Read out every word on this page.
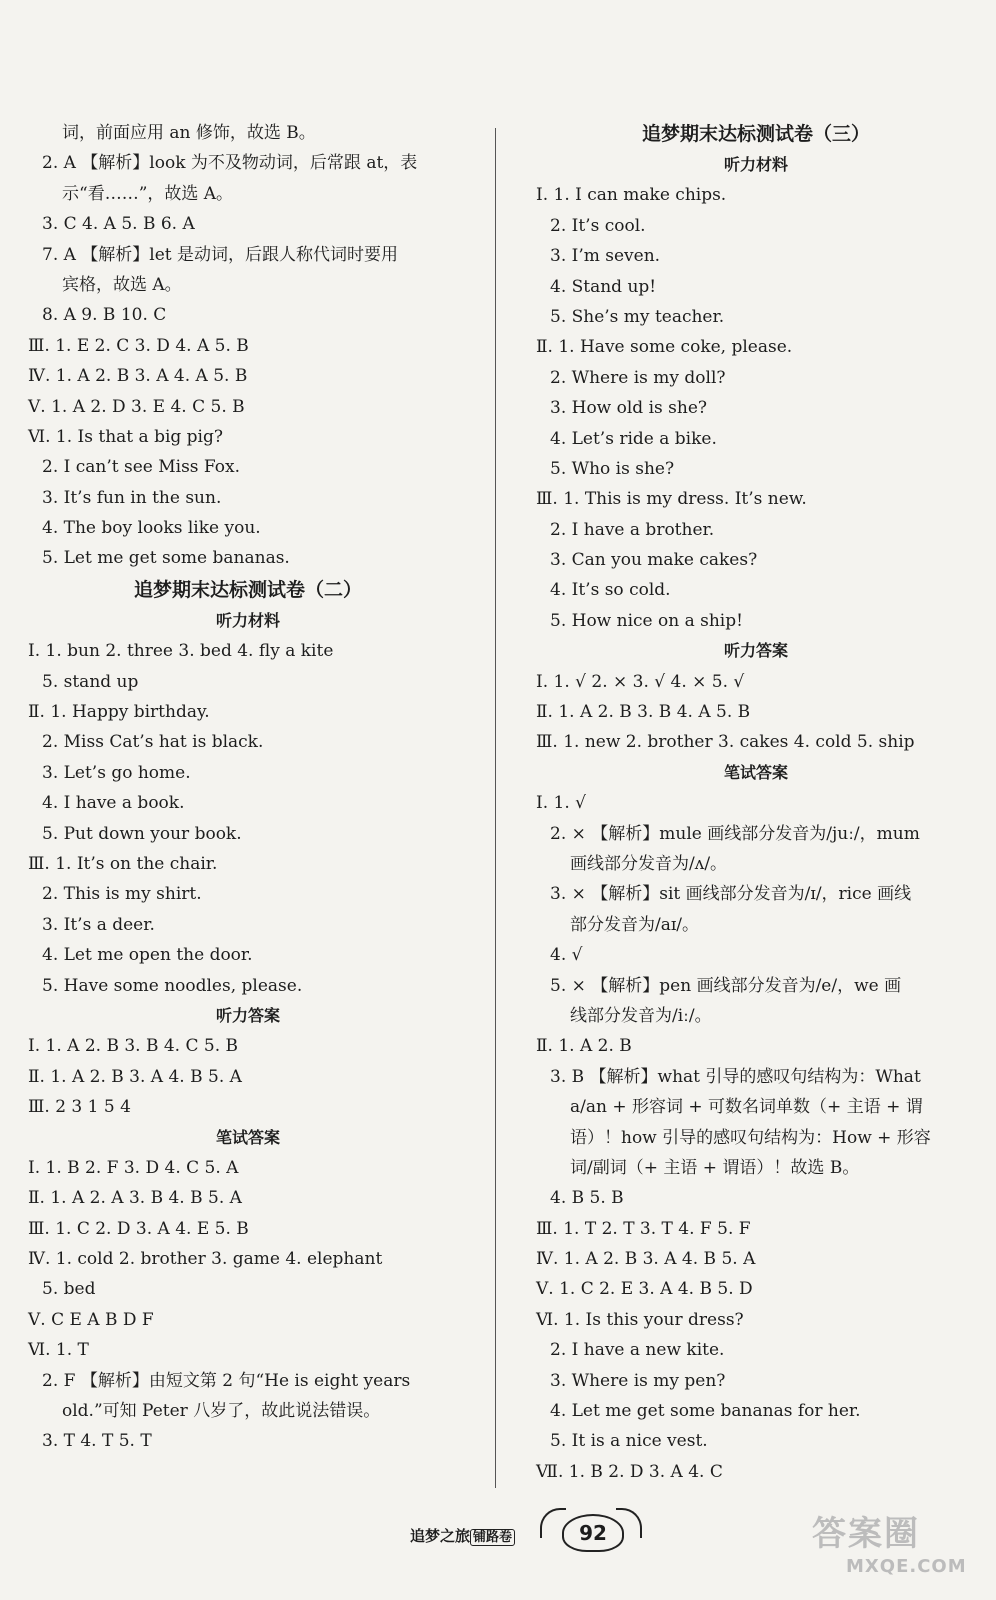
词，前面应用 an 修饰，故选 B。
2. A 【解析】look 为不及物动词，后常跟 at，表
示“看……”，故选 A。
3. C 4. A 5. B 6. A
7. A 【解析】let 是动词，后跟人称代词时要用
宾格，故选 A。
8. A 9. B 10. C
Ⅲ. 1. E 2. C 3. D 4. A 5. B
Ⅳ. 1. A 2. B 3. A 4. A 5. B
Ⅴ. 1. A 2. D 3. E 4. C 5. B
Ⅵ. 1. Is that a big pig?
2. I can’t see Miss Fox.
3. It’s fun in the sun.
4. The boy looks like you.
5. Let me get some bananas.
追梦期末达标测试卷（二）
听力材料
Ⅰ. 1. bun 2. three 3. bed 4. fly a kite
5. stand up
Ⅱ. 1. Happy birthday.
2. Miss Cat’s hat is black.
3. Let’s go home.
4. I have a book.
5. Put down your book.
Ⅲ. 1. It’s on the chair.
2. This is my shirt.
3. It’s a deer.
4. Let me open the door.
5. Have some noodles, please.
听力答案
Ⅰ. 1. A 2. B 3. B 4. C 5. B
Ⅱ. 1. A 2. B 3. A 4. B 5. A
Ⅲ. 2 3 1 5 4
笔试答案
Ⅰ. 1. B 2. F 3. D 4. C 5. A
Ⅱ. 1. A 2. A 3. B 4. B 5. A
Ⅲ. 1. C 2. D 3. A 4. E 5. B
Ⅳ. 1. cold 2. brother 3. game 4. elephant
5. bed
Ⅴ. C E A B D F
Ⅵ. 1. T
2. F 【解析】由短文第 2 句“He is eight years
old.”可知 Peter 八岁了，故此说法错误。
3. T 4. T 5. T
追梦期末达标测试卷（三）
听力材料
Ⅰ. 1. I can make chips.
2. It’s cool.
3. I’m seven.
4. Stand up!
5. She’s my teacher.
Ⅱ. 1. Have some coke, please.
2. Where is my doll?
3. How old is she?
4. Let’s ride a bike.
5. Who is she?
Ⅲ. 1. This is my dress. It’s new.
2. I have a brother.
3. Can you make cakes?
4. It’s so cold.
5. How nice on a ship!
听力答案
Ⅰ. 1. √ 2. × 3. √ 4. × 5. √
Ⅱ. 1. A 2. B 3. B 4. A 5. B
Ⅲ. 1. new 2. brother 3. cakes 4. cold 5. ship
笔试答案
Ⅰ. 1. √
2. × 【解析】mule 画线部分发音为/juː/，mum
画线部分发音为/ʌ/。
3. × 【解析】sit 画线部分发音为/ɪ/，rice 画线
部分发音为/aɪ/。
4. √
5. × 【解析】pen 画线部分发音为/e/，we 画
线部分发音为/iː/。
Ⅱ. 1. A 2. B
3. B 【解析】what 引导的感叹句结构为：What
a/an + 形容词 + 可数名词单数（+ 主语 + 谓
语）！how 引导的感叹句结构为：How + 形容
词/副词（+ 主语 + 谓语）！故选 B。
4. B 5. B
Ⅲ. 1. T 2. T 3. T 4. F 5. F
Ⅳ. 1. A 2. B 3. A 4. B 5. A
Ⅴ. 1. C 2. E 3. A 4. B 5. D
Ⅵ. 1. Is this your dress?
2. I have a new kite.
3. Where is my pen?
4. Let me get some bananas for her.
5. It is a nice vest.
Ⅶ. 1. B 2. D 3. A 4. C
追梦之旅 铺路卷	92	答案圈
MXQE.COM
